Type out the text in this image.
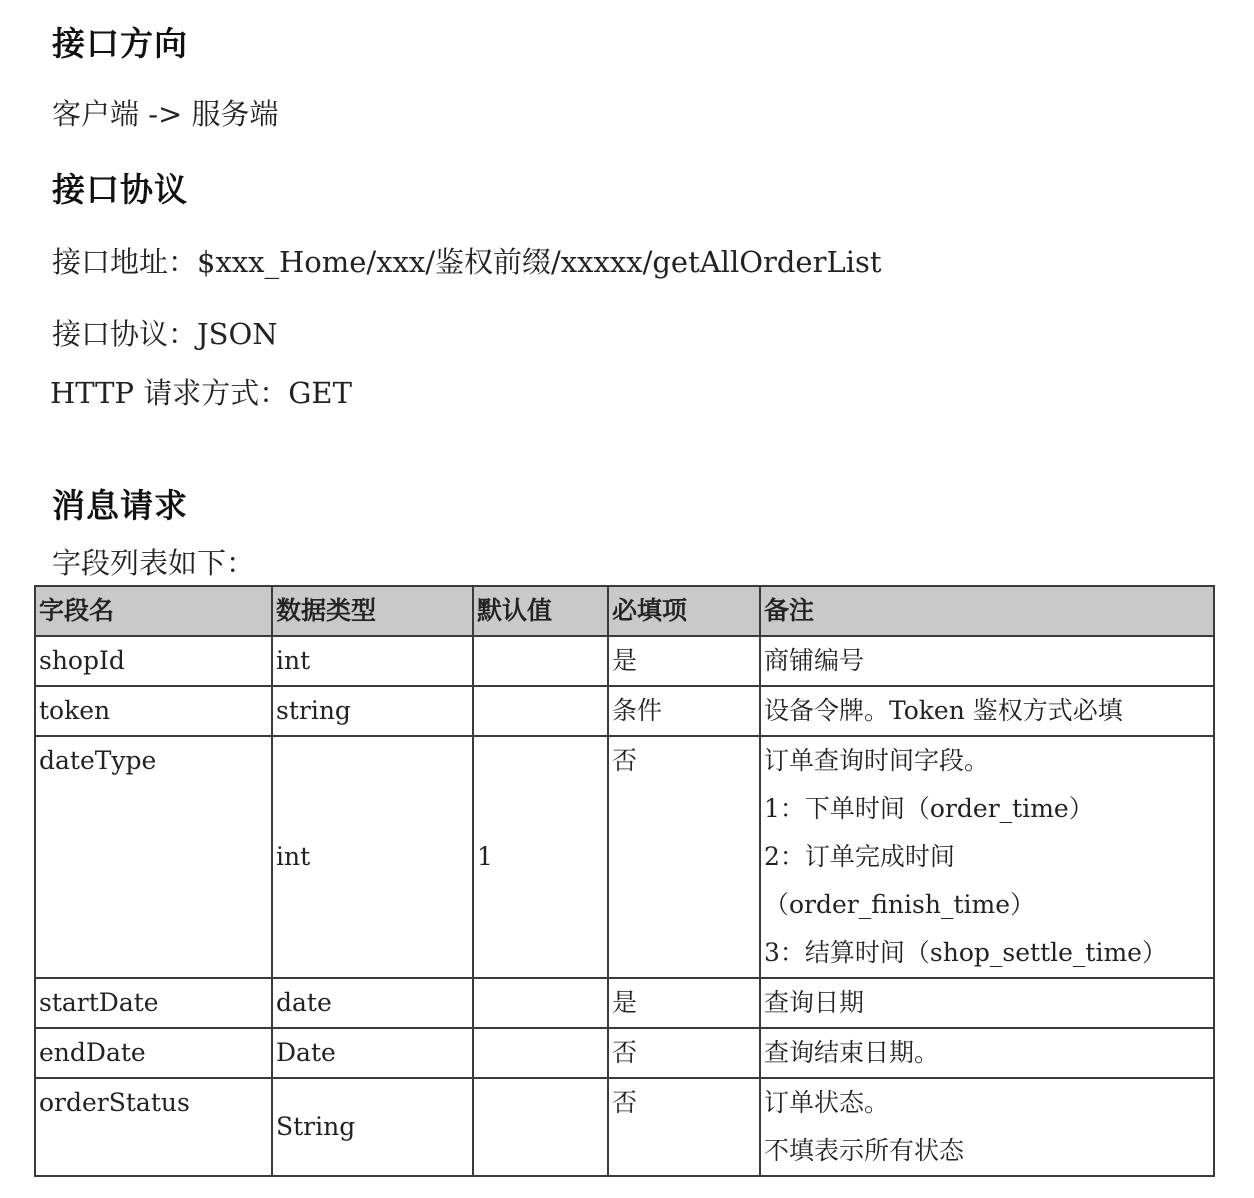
接口方向

客户端 -> 服务端

接口协议

接口地址：$xxx_Home/xxx/鉴权前缀/xxxxx/getAllOrderList

接口协议：JSON

HTTP 请求方式：GET

消息请求

字段列表如下：

字段名	数据类型	默认值	必填项	备注
shopId	int		是	商铺编号
token	string		条件	设备令牌。Token 鉴权方式必填
dateType	int	1	否	订单查询时间字段。
1：下单时间（order_time）
2：订单完成时间
（order_finish_time）
3：结算时间（shop_settle_time）

startDate	date		是	查询日期
endDate	Date		否	查询结束日期。
orderStatus	String		否	订单状态。
不填表示所有状态
